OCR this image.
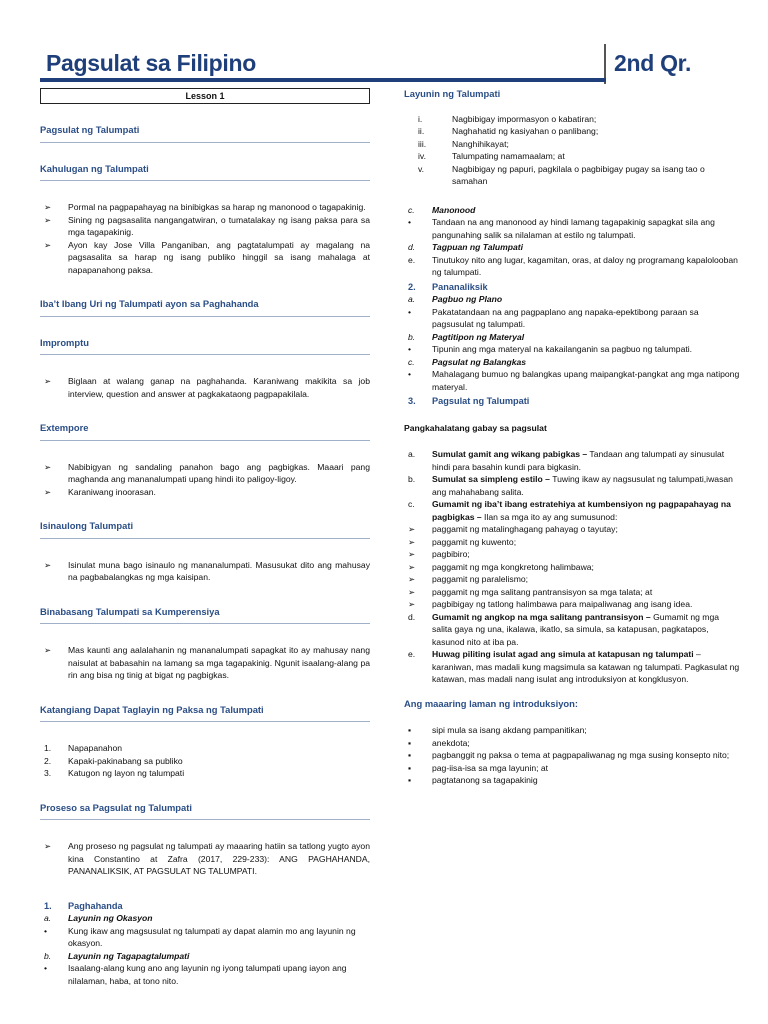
Pagsulat sa Filipino	2nd Qr.
Lesson 1
Pagsulat ng Talumpati
Kahulugan ng Talumpati
➢	Pormal na pagpapahayag na binibigkas sa harap ng manonood o tagapakinig.
➢	Sining ng pagsasalita nangangatwiran, o tumatalakay ng isang paksa para sa mga tagapakinig.
➢	Ayon kay Jose Villa Panganiban, ang pagtatalumpati ay magalang na pagsasalita sa harap ng isang publiko hinggil sa isang mahalaga at napapanahong paksa.
Iba’t Ibang Uri ng Talumpati ayon sa Paghahanda
Impromptu
➢	Biglaan at walang ganap na paghahanda. Karaniwang makikita sa job interview, question and answer at pagkakataong pagpapakilala.
Extempore
➢	Nabibigyan ng sandaling panahon bago ang pagbigkas. Maaari pang maghanda ang mananalumpati upang hindi ito paligoy-ligoy.
➢	Karaniwang inoorasan.
Isinaulong Talumpati
➢	Isinulat muna bago isinaulo ng mananalumpati. Masusukat dito ang mahusay na pagbabalangkas ng mga kaisipan.
Binabasang Talumpati sa Kumperensiya
➢	Mas kaunti ang aalalahanin ng mananalumpati sapagkat ito ay mahusay nang naisulat at babasahin na lamang sa mga tagapakinig. Ngunit isaalang-alang pa rin ang bisa ng tinig at bigat ng pagbigkas.
Katangiang Dapat Taglayin ng Paksa ng Talumpati
1.	Napapanahon
2.	Kapaki-pakinabang sa publiko
3.	Katugon ng layon ng talumpati
Proseso sa Pagsulat ng Talumpati
➢	Ang proseso ng pagsulat ng talumpati ay maaaring hatiin sa tatlong yugto ayon kina Constantino at Zafra (2017, 229-233): ANG PAGHAHANDA, PANANALIKSIK, AT PAGSULAT NG TALUMPATI.
1.	Paghahanda
a.	Layunin ng Okasyon
•	Kung ikaw ang magsusulat ng talumpati ay dapat alamin mo ang layunin ng okasyon.
b.	Layunin ng Tagapagtalumpati
•	Isaalang-alang kung ano ang layunin ng iyong talumpati upang iayon ang nilalaman, haba, at tono nito.
Layunin ng Talumpati
i.	Nagbibigay impormasyon o kabatiran;
ii.	Naghahatid ng kasiyahan o panlibang;
iii.	Nanghihikayat;
iv.	Talumpating namamaalam; at
v.	Nagbibigay ng papuri, pagkilala o pagbibigay pugay sa isang tao o samahan
c.	Manonood
•	Tandaan na ang manonood ay hindi lamang tagapakinig sapagkat sila ang pangunahing salik sa nilalaman at estilo ng talumpati.
d.	Tagpuan ng Talumpati
e.	Tinutukoy nito ang lugar, kagamitan, oras, at daloy ng programang kapalolooban ng talumpati.
2.	Pananaliksik
a.	Pagbuo ng Plano
•	Pakatatandaan na ang pagpaplano ang napaka-epektibong paraan sa pagsusulat ng talumpati.
b.	Pagtitipon ng Materyal
•	Tipunin ang mga materyal na kakailanganin sa pagbuo ng talumpati.
c.	Pagsulat ng Balangkas
•	Mahalagang bumuo ng balangkas upang maipangkat-pangkat ang mga natipong materyal.
3.	Pagsulat ng Talumpati
Pangkahalatang gabay sa pagsulat
a.	Sumulat gamit ang wikang pabigkas – Tandaan ang talumpati ay sinusulat hindi para basahin kundi para bigkasin.
b.	Sumulat sa simpleng estilo – Tuwing ikaw ay nagsusulat ng talumpati,iwasan ang mahahabang salita.
c.	Gumamit ng iba’t ibang estratehiya at kumbensiyon ng pagpapahayag na pagbigkas – Ilan sa mga ito ay ang sumusunod:
➢	paggamit ng matalinghagang pahayag o tayutay;
➢	paggamit ng kuwento;
➢	pagbibiro;
➢	paggamit ng mga kongkretong halimbawa;
➢	paggamit ng paralelismo;
➢	paggamit ng mga salitang pantransisyon sa mga talata; at
➢	pagbibigay ng tatlong halimbawa para maipaliwanag ang isang idea.
d.	Gumamit ng angkop na mga salitang pantransisyon – Gumamit ng mga salita gaya ng una, ikalawa, ikatlo, sa simula, sa katapusan, pagkatapos, kasunod nito at iba pa.
e.	Huwag piliting isulat agad ang simula at katapusan ng talumpati – karaniwan, mas madali kung magsimula sa katawan ng talumpati. Pagkasulat ng katawan, mas madali nang isulat ang introduksiyon at kongklusyon.
Ang maaaring laman ng introduksiyon:
▪	sipi mula sa isang akdang pampanitikan;
▪	anekdota;
▪	pagbanggit ng paksa o tema at pagpapaliwanag ng mga susing konsepto nito;
▪	pag-iisa-isa sa mga layunin; at
▪	pagtatanong sa tagapakinig
